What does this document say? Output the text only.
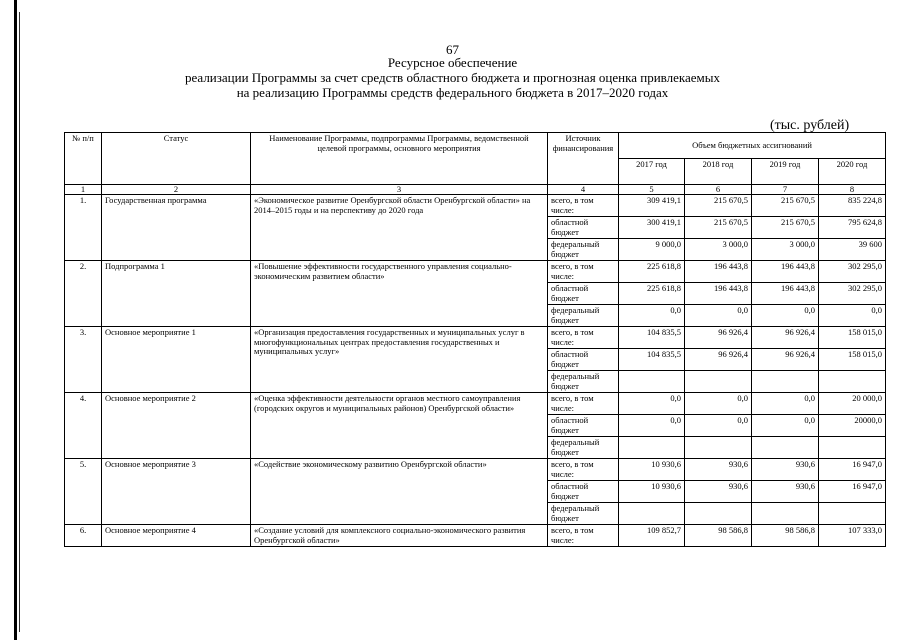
67
Ресурсное обеспечение
реализации Программы за счет средств областного бюджета и прогнозная оценка привлекаемых
на реализацию Программы средств федерального бюджета в 2017–2020 годах
(тыс. рублей)
№ п/п	Статус	Наименование Программы, подпрограммы Программы, ведомственной целевой программы, основного мероприятия	Источник финансирования	Объем бюджетных ассигнований			
				2017 год	2018 год	2019 год	2020 год
1	2	3	4	5	6	7	8
1.	Государственная программа	«Экономическое развитие Оренбургской области Оренбургской области» на 2014–2015 годы и на перспективу до 2020 года	всего, в том числе:	309 419,1	215 670,5	215 670,5	835 224,8
			областной бюджет	300 419,1	215 670,5	215 670,5	795 624,8
			федеральный бюджет	9 000,0	3 000,0	3 000,0	39 600
2.	Подпрограмма 1	«Повышение эффективности государственного управления социально-экономическим развитием области»	всего, в том числе:	225 618,8	196 443,8	196 443,8	302 295,0
			областной бюджет	225 618,8	196 443,8	196 443,8	302 295,0
			федеральный бюджет	0,0	0,0	0,0	0,0
3.	Основное мероприятие 1	«Организация предоставления государственных и муниципальных услуг в многофункциональных центрах предоставления государственных и муниципальных услуг»	всего, в том числе:	104 835,5	96 926,4	96 926,4	158 015,0
			областной бюджет	104 835,5	96 926,4	96 926,4	158 015,0
			федеральный бюджет				
4.	Основное мероприятие 2	«Оценка эффективности деятельности органов местного самоуправления (городских округов и муниципальных районов) Оренбургской области»	всего, в том числе:	0,0	0,0	0,0	20 000,0
			областной бюджет	0,0	0,0	0,0	20000,0
			федеральный бюджет				
5.	Основное мероприятие 3	«Содействие экономическому развитию Оренбургской области»	всего, в том числе:	10 930,6	930,6	930,6	16 947,0
			областной бюджет	10 930,6	930,6	930,6	16 947,0
			федеральный бюджет				
6.	Основное мероприятие 4	«Создание условий для комплексного социально-экономического развития Оренбургской области»	всего, в том числе:	109 852,7	98 586,8	98 586,8	107 333,0
